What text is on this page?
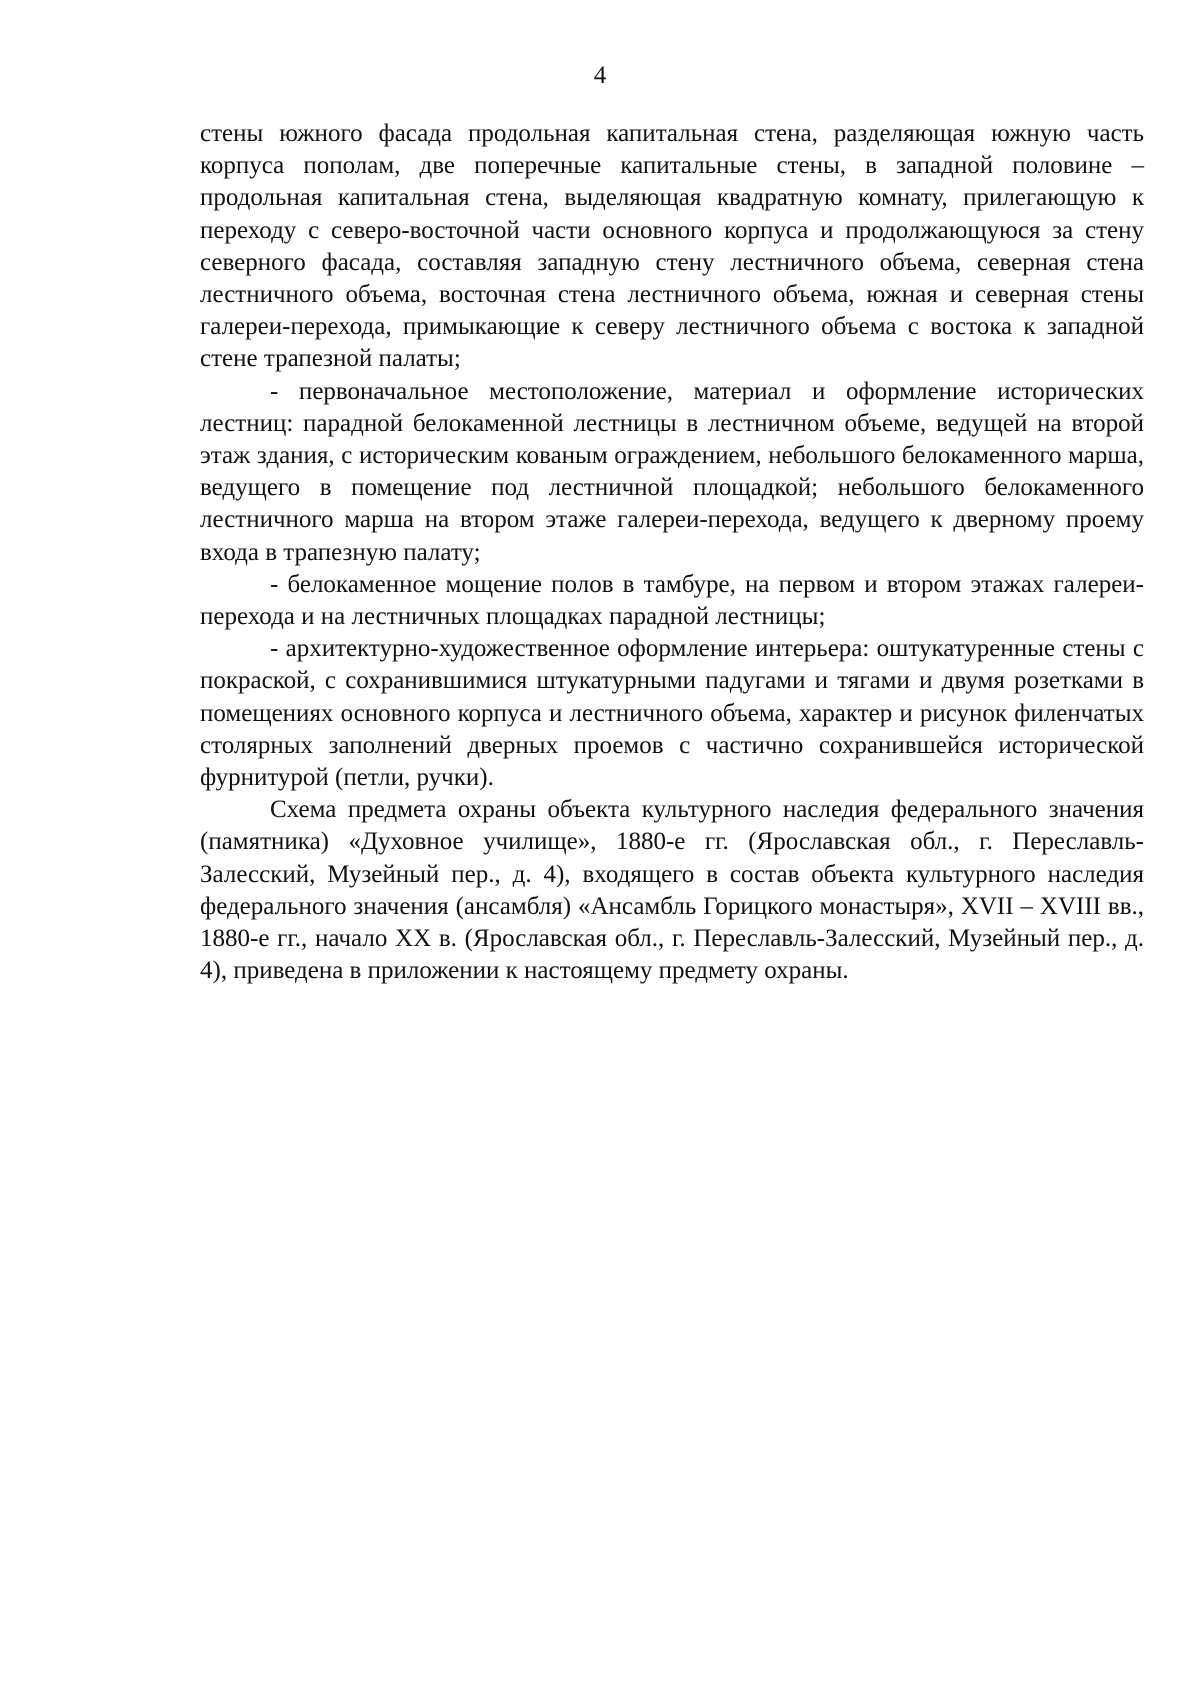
4

стены южного фасада продольная капитальная стена, разделяющая южную часть корпуса пополам, две поперечные капитальные стены, в западной половине – продольная капитальная стена, выделяющая квадратную комнату, прилегающую к переходу с северо-восточной части основного корпуса и продолжающуюся за стену северного фасада, составляя западную стену лестничного объема, северная стена лестничного объема, восточная стена лестничного объема, южная и северная стены галереи-перехода, примыкающие к северу лестничного объема с востока к западной стене трапезной палаты;

- первоначальное местоположение, материал и оформление исторических лестниц: парадной белокаменной лестницы в лестничном объеме, ведущей на второй этаж здания, с историческим кованым ограждением, небольшого белокаменного марша, ведущего в помещение под лестничной площадкой; небольшого белокаменного лестничного марша на втором этаже галереи-перехода, ведущего к дверному проему входа в трапезную палату;

- белокаменное мощение полов в тамбуре, на первом и втором этажах галереи-перехода и на лестничных площадках парадной лестницы;

- архитектурно-художественное оформление интерьера: оштукатуренные стены с покраской, с сохранившимися штукатурными падугами и тягами и двумя розетками в помещениях основного корпуса и лестничного объема, характер и рисунок филенчатых столярных заполнений дверных проемов с частично сохранившейся исторической фурнитурой (петли, ручки).

Схема предмета охраны объекта культурного наследия федерального значения (памятника) «Духовное училище», 1880-е гг. (Ярославская обл., г. Переславль-Залесский, Музейный пер., д. 4), входящего в состав объекта культурного наследия федерального значения (ансамбля) «Ансамбль Горицкого монастыря», XVII – XVIII вв., 1880-е гг., начало XX в. (Ярославская обл., г. Переславль-Залесский, Музейный пер., д. 4), приведена в приложении к настоящему предмету охраны.
